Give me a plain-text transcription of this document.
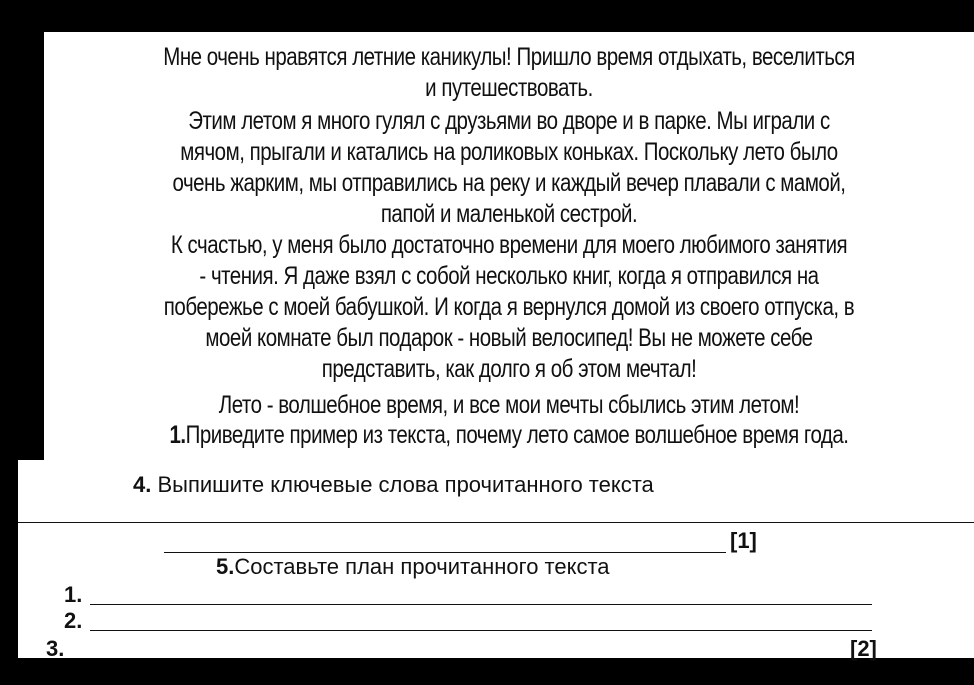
Мне очень нравятся летние каникулы! Пришло время отдыхать, веселиться
и путешествовать.
Этим летом я много гулял с друзьями во дворе и в парке. Мы играли с
мячом, прыгали и катались на роликовых коньках. Поскольку лето было
очень жарким, мы отправились на реку и каждый вечер плавали с мамой,
папой и маленькой сестрой.
К счастью, у меня было достаточно времени для моего любимого занятия
- чтения. Я даже взял с собой несколько книг, когда я отправился на
побережье с моей бабушкой. И когда я вернулся домой из своего отпуска, в
моей комнате был подарок - новый велосипед! Вы не можете себе
представить, как долго я об этом мечтал!
Лето - волшебное время, и все мои мечты сбылись этим летом!
1.Приведите пример из текста, почему лето самое волшебное время года.
4. Выпишите ключевые слова прочитанного текста
[1]
5.Составьте план прочитанного текста
1.
2.
3.	[2]
